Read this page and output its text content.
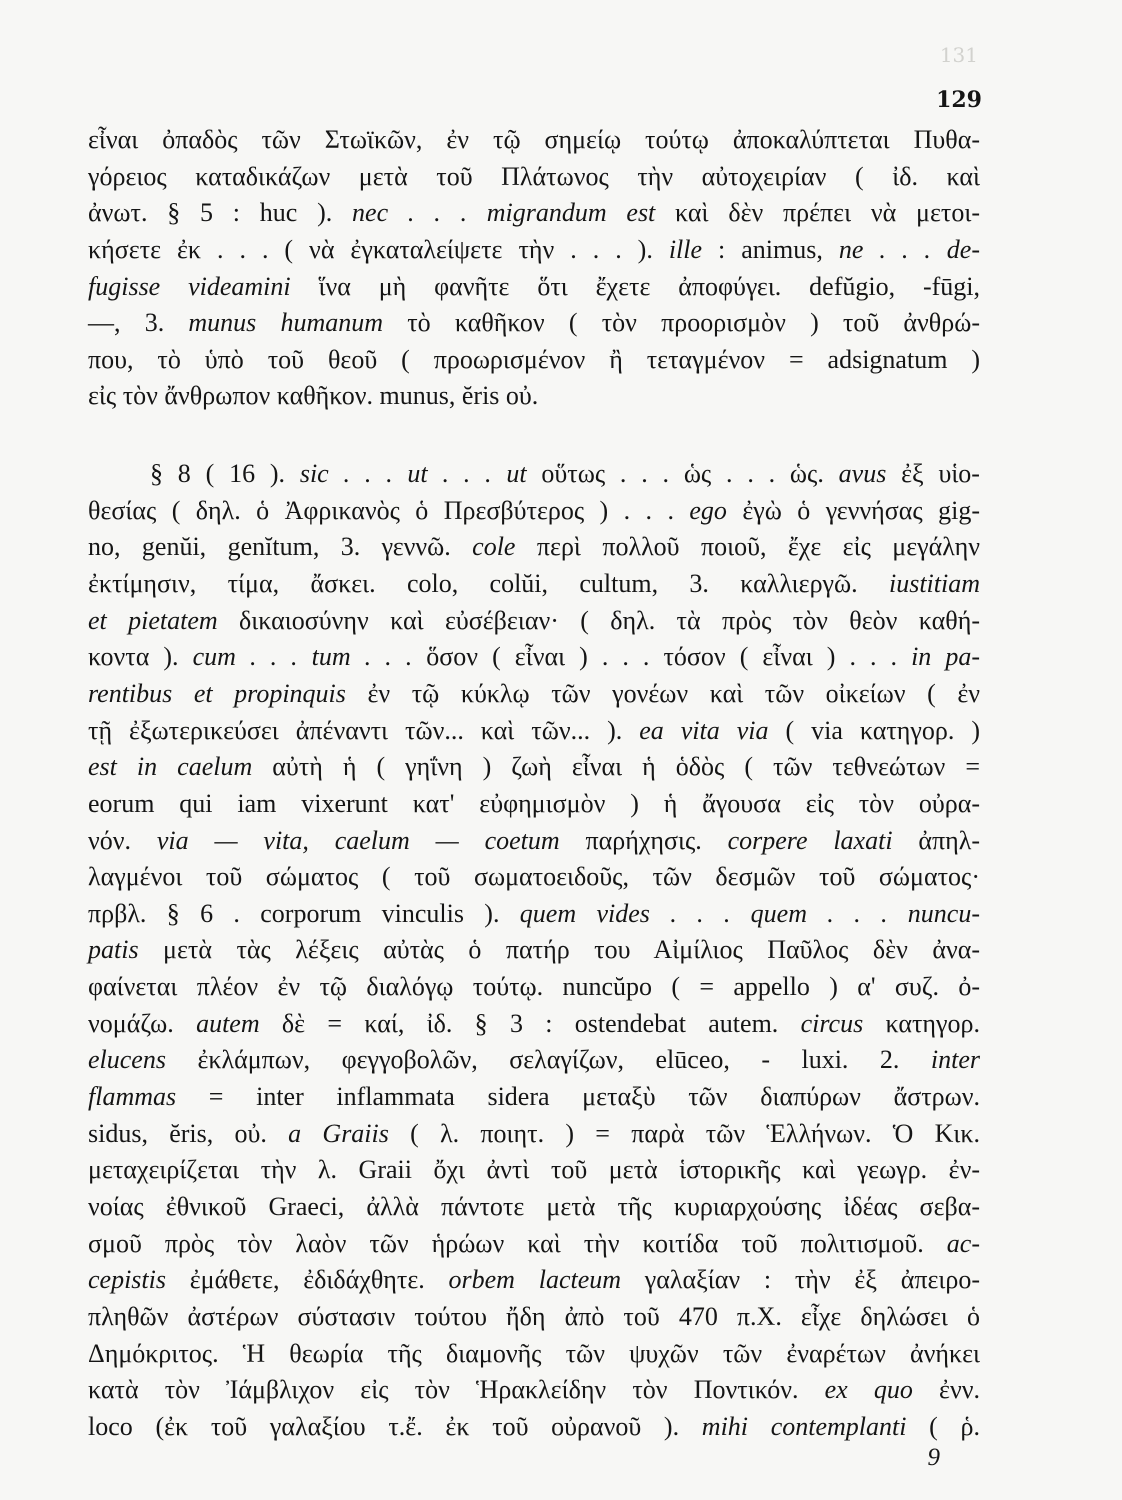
131
129
εἶναι ὀπαδὸς τῶν Στωϊκῶν, ἐν τῷ σημείῳ τούτῳ ἀποκαλύπτεται Πυθα-
γόρειος καταδικάζων μετὰ τοῦ Πλάτωνος τὴν αὐτοχειρίαν ( ἰδ. καὶ
ἀνωτ. § 5 : huc ). nec . . . migrandum est καὶ δὲν πρέπει νὰ μετοι-
κήσετε ἐκ . . . ( νὰ ἐγκαταλείψετε τὴν . . . ). ille : animus, ne . . . de-
fugisse videamini ἵνα μὴ φανῆτε ὅτι ἔχετε ἀποφύγει. defŭgio, -fūgi,
—, 3. munus humanum τὸ καθῆκον ( τὸν προορισμὸν ) τοῦ ἀνθρώ-
που, τὸ ὑπὸ τοῦ θεοῦ ( προωρισμένον ἢ τεταγμένον = adsignatum )
εἰς τὸν ἄνθρωπον καθῆκον. munus, ĕris οὐ.
§ 8 ( 16 ). sic . . . ut . . . ut οὕτως . . . ὡς . . . ὡς. avus ἐξ υἱο-
θεσίας ( δηλ. ὁ Ἀφρικανὸς ὁ Πρεσβύτερος ) . . . ego ἐγὼ ὁ γεννήσας gig-
no, genŭi, genĭtum, 3. γεννῶ. cole περὶ πολλοῦ ποιοῦ, ἔχε εἰς μεγάλην
ἐκτίμησιν, τίμα, ἄσκει. colo, colŭi, cultum, 3. καλλιεργῶ. iustitiam
et pietatem δικαιοσύνην καὶ εὐσέβειαν· ( δηλ. τὰ πρὸς τὸν θεὸν καθή-
κοντα ). cum . . . tum . . . ὅσον ( εἶναι ) . . . τόσον ( εἶναι ) . . . in pa-
rentibus et propinquis ἐν τῷ κύκλῳ τῶν γονέων καὶ τῶν οἰκείων ( ἐν
τῇ ἐξωτερικεύσει ἀπέναντι τῶν... καὶ τῶν... ). ea vita via ( via κατηγορ. )
est in caelum αὐτὴ ἡ ( γηΐνη ) ζωὴ εἶναι ἡ ὁδὸς ( τῶν τεθνεώτων =
eorum qui iam vixerunt κατ' εὐφημισμὸν ) ἡ ἄγουσα εἰς τὸν οὐρα-
νόν. via — vita, caelum — coetum παρήχησις. corpere laxati ἀπηλ-
λαγμένοι τοῦ σώματος ( τοῦ σωματοειδοῦς, τῶν δεσμῶν τοῦ σώματος·
πρβλ. § 6 . corporum vinculis ). quem vides . . . quem . . . nuncu-
patis μετὰ τὰς λέξεις αὐτὰς ὁ πατήρ του Αἰμίλιος Παῦλος δὲν ἀνα-
φαίνεται πλέον ἐν τῷ διαλόγῳ τούτῳ. nuncŭpo ( = appello ) α' συζ. ὀ-
νομάζω. autem δὲ = καί, ἰδ. § 3 : ostendebat autem. circus κατηγορ.
elucens ἐκλάμπων, φεγγοβολῶν, σελαγίζων, elūceo, - luxi. 2. inter
flammas = inter inflammata sidera μεταξὺ τῶν διαπύρων ἄστρων.
sidus, ĕris, οὐ. a Graiis ( λ. ποιητ. ) = παρὰ τῶν Ἑλλήνων. Ὁ Κικ.
μεταχειρίζεται τὴν λ. Graii ὄχι ἀντὶ τοῦ μετὰ ἱστορικῆς καὶ γεωγρ. ἐν-
νοίας ἐθνικοῦ Graeci, ἀλλὰ πάντοτε μετὰ τῆς κυριαρχούσης ἰδέας σεβα-
σμοῦ πρὸς τὸν λαὸν τῶν ἡρώων καὶ τὴν κοιτίδα τοῦ πολιτισμοῦ. ac-
cepistis ἐμάθετε, ἐδιδάχθητε. orbem lacteum γαλαξίαν : τὴν ἐξ ἀπειρο-
πληθῶν ἀστέρων σύστασιν τούτου ἤδη ἀπὸ τοῦ 470 π.Χ. εἶχε δηλώσει ὁ
Δημόκριτος. Ἡ θεωρία τῆς διαμονῆς τῶν ψυχῶν τῶν ἐναρέτων ἀνήκει
κατὰ τὸν Ἰάμβλιχον εἰς τὸν Ἡρακλείδην τὸν Ποντικόν. ex quo ἐνν.
loco (ἐκ τοῦ γαλαξίου τ.ἔ. ἐκ τοῦ οὐρανοῦ ). mihi contemplanti ( ῥ.
9
